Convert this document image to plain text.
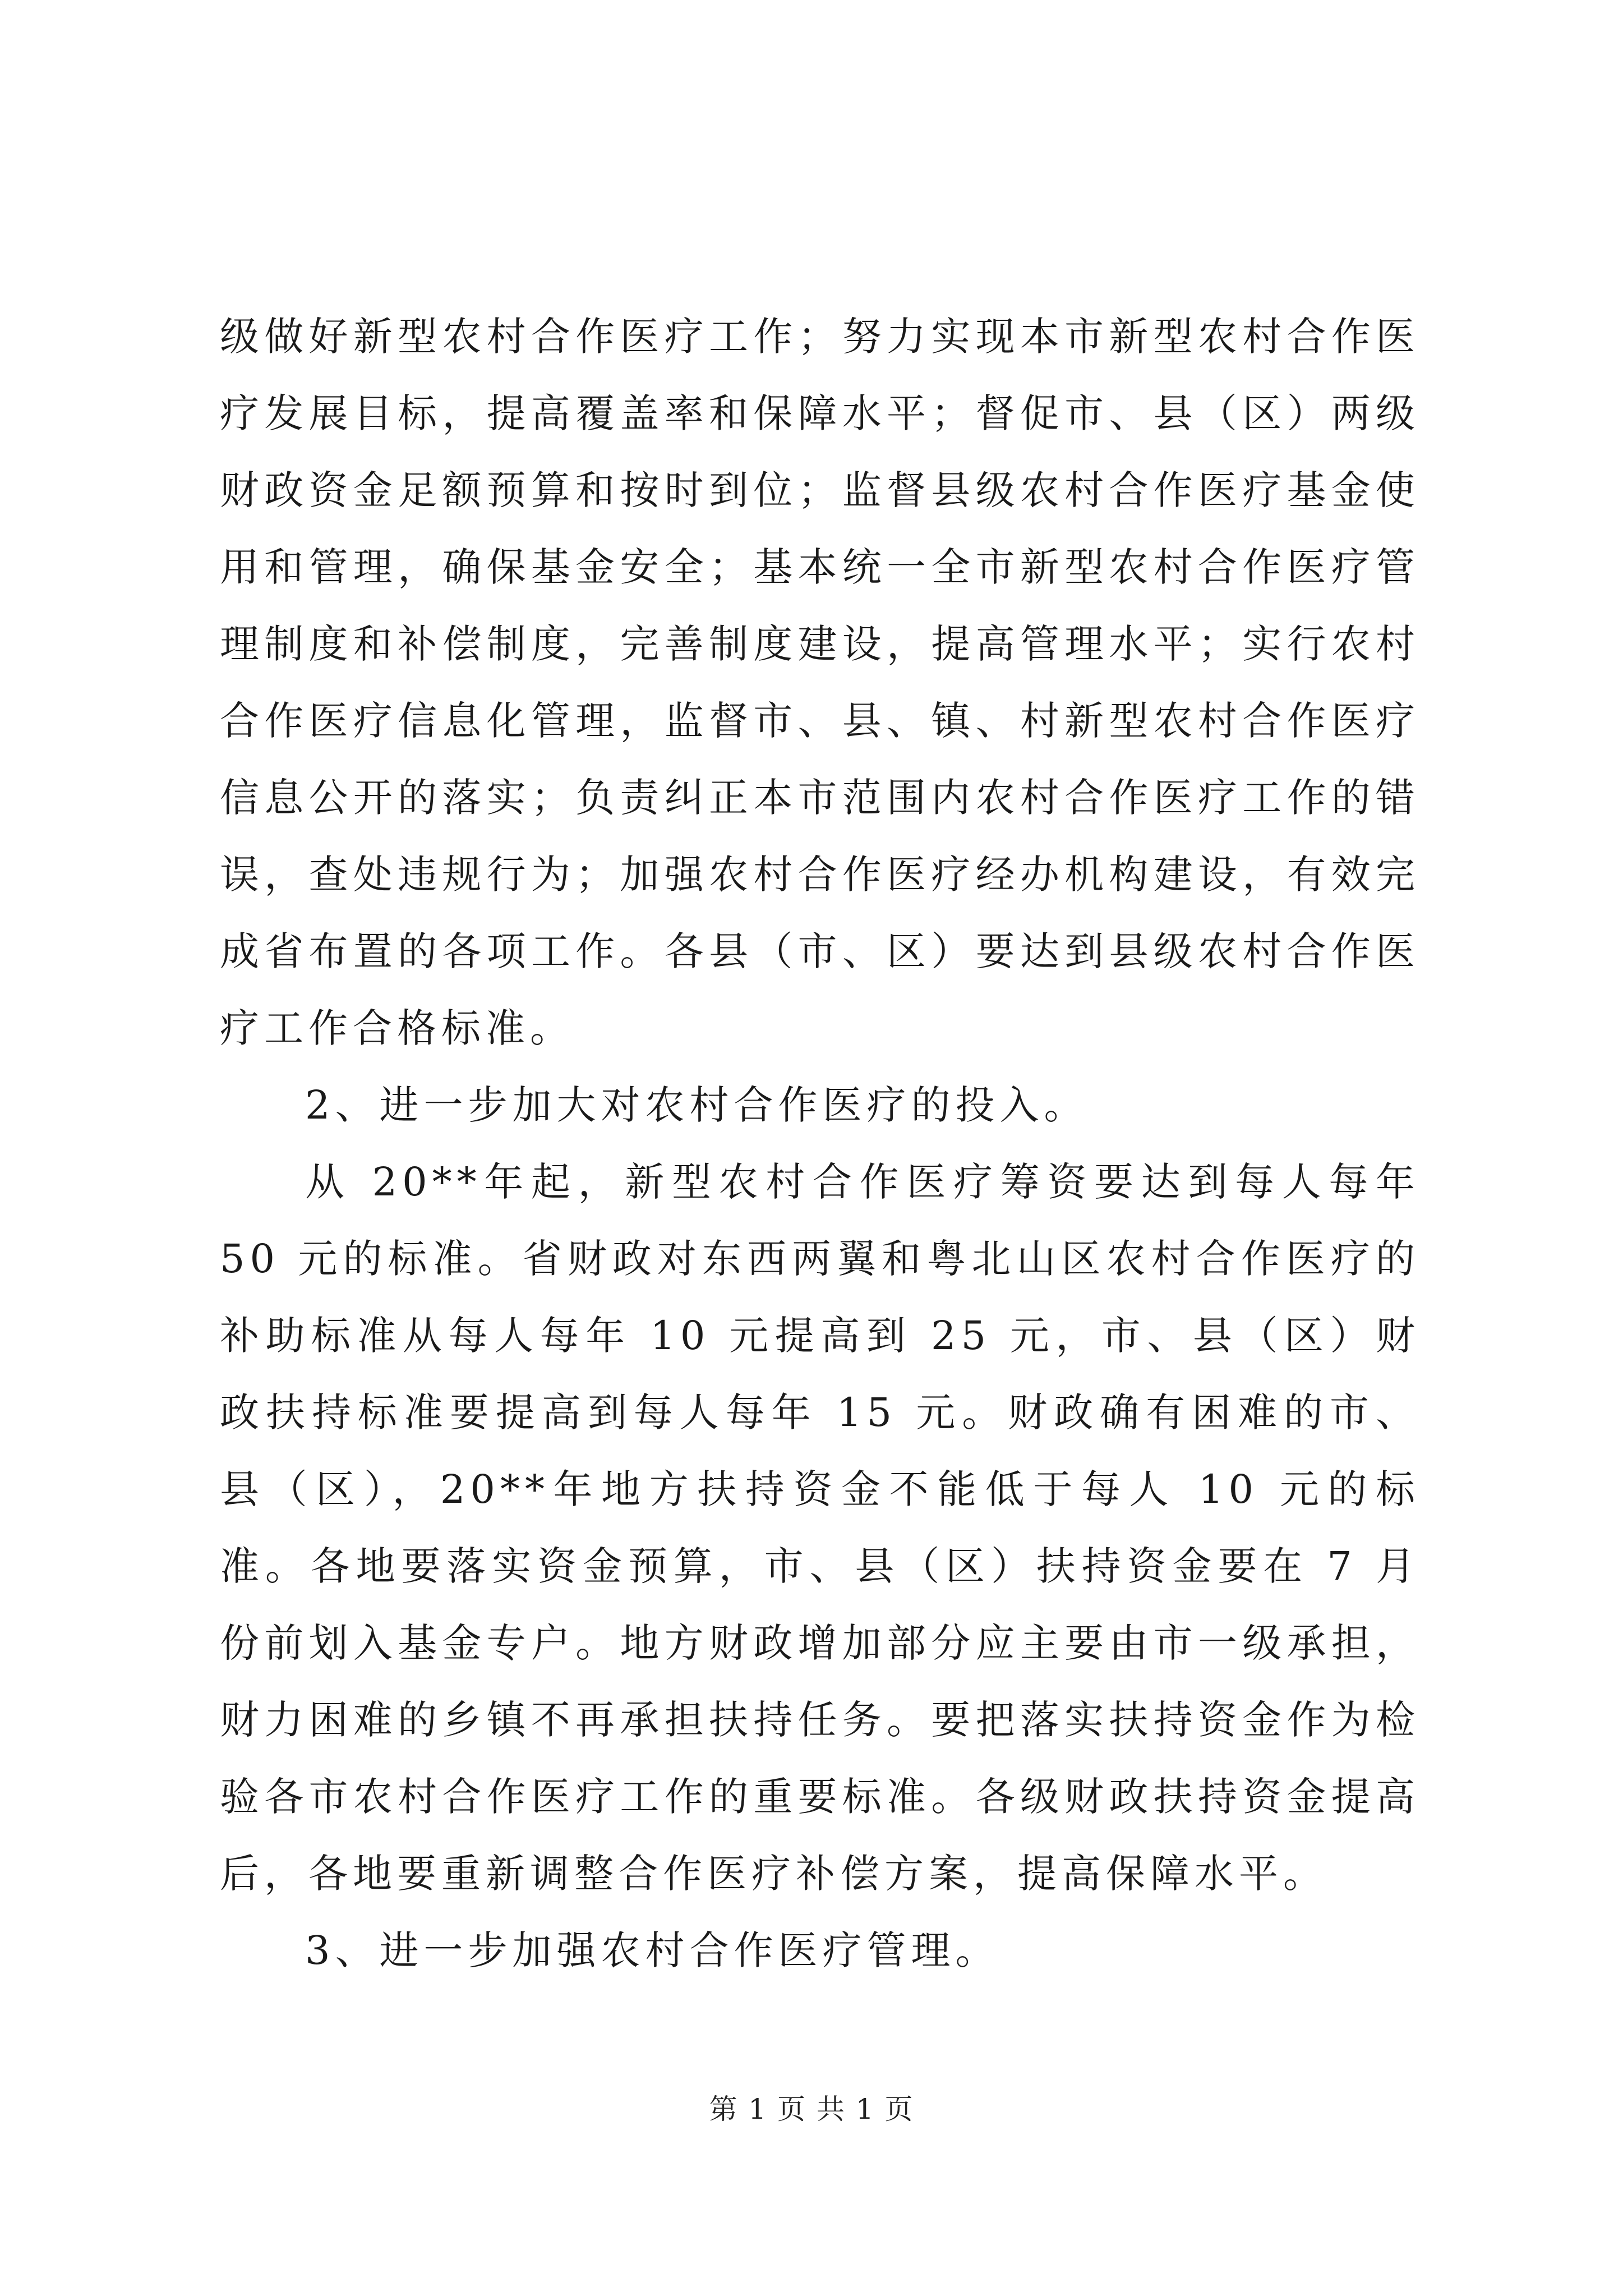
级做好新型农村合作医疗工作；努力实现本市新型农村合作医疗发展目标，提高覆盖率和保障水平；督促市、县（区）两级财政资金足额预算和按时到位；监督县级农村合作医疗基金使用和管理，确保基金安全；基本统一全市新型农村合作医疗管理制度和补偿制度，完善制度建设，提高管理水平；实行农村合作医疗信息化管理，监督市、县、镇、村新型农村合作医疗信息公开的落实；负责纠正本市范围内农村合作医疗工作的错误，查处违规行为；加强农村合作医疗经办机构建设，有效完成省布置的各项工作。各县（市、区）要达到县级农村合作医疗工作合格标准。

2、进一步加大对农村合作医疗的投入。

从 20**年起，新型农村合作医疗筹资要达到每人每年 50 元的标准。省财政对东西两翼和粤北山区农村合作医疗的补助标准从每人每年 10 元提高到 25 元，市、县（区）财政扶持标准要提高到每人每年 15 元。财政确有困难的市、县（区），20**年地方扶持资金不能低于每人 10 元的标准。各地要落实资金预算，市、县（区）扶持资金要在 7 月份前划入基金专户。地方财政增加部分应主要由市一级承担，财力困难的乡镇不再承担扶持任务。要把落实扶持资金作为检验各市农村合作医疗工作的重要标准。各级财政扶持资金提高后，各地要重新调整合作医疗补偿方案，提高保障水平。

3、进一步加强农村合作医疗管理。

第 1 页 共 1 页
